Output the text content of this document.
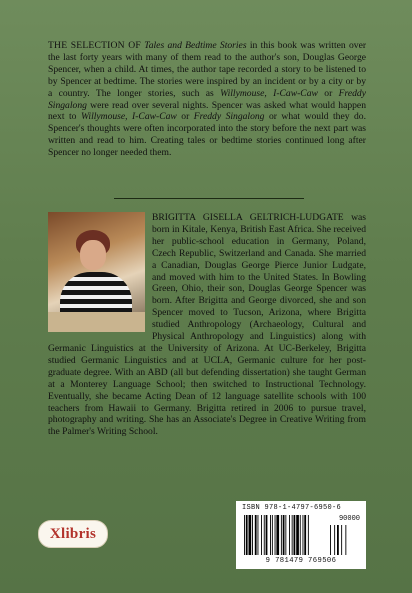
THE SELECTION OF Tales and Bedtime Stories in this book was written over the last forty years with many of them read to the author's son, Douglas George Spencer, when a child. At times, the author tape recorded a story to be listened to by Spencer at bedtime. The stories were inspired by an incident or by a city or by a country. The longer stories, such as Willymouse, I-Caw-Caw or Freddy Singalong were read over several nights. Spencer was asked what would happen next to Willymouse, I-Caw-Caw or Freddy Singalong or what would they do. Spencer's thoughts were often incorporated into the story before the next part was written and read to him. Creating tales or bedtime stories continued long after Spencer no longer needed them.

BRIGITTA GISELLA GELTRICH-LUDGATE was born in Kitale, Kenya, British East Africa. She received her public-school education in Germany, Poland, Czech Republic, Switzerland and Canada. She married a Canadian, Douglas George Pierce Junior Ludgate, and moved with him to the United States. In Bowling Green, Ohio, their son, Douglas George Spencer was born. After Brigitta and George divorced, she and son Spencer moved to Tucson, Arizona, where Brigitta studied Anthropology (Archaeology, Cultural and Physical Anthropology and Linguistics) along with Germanic Linguistics at the University of Arizona. At UC-Berkeley, Brigitta studied Germanic Linguistics and at UCLA, Germanic culture for her post-graduate degree. With an ABD (all but defending dissertation) she taught German at a Monterey Language School; then switched to Instructional Technology. Eventually, she became Acting Dean of 12 language satellite schools with 100 teachers from Hawaii to Germany. Brigitta retired in 2006 to pursue travel, photography and writing. She has an Associate's Degree in Creative Writing from the Palmer's Writing School.

Xlibris
ISBN 978-1-4797-6950-6
90000
9 781479 769506
